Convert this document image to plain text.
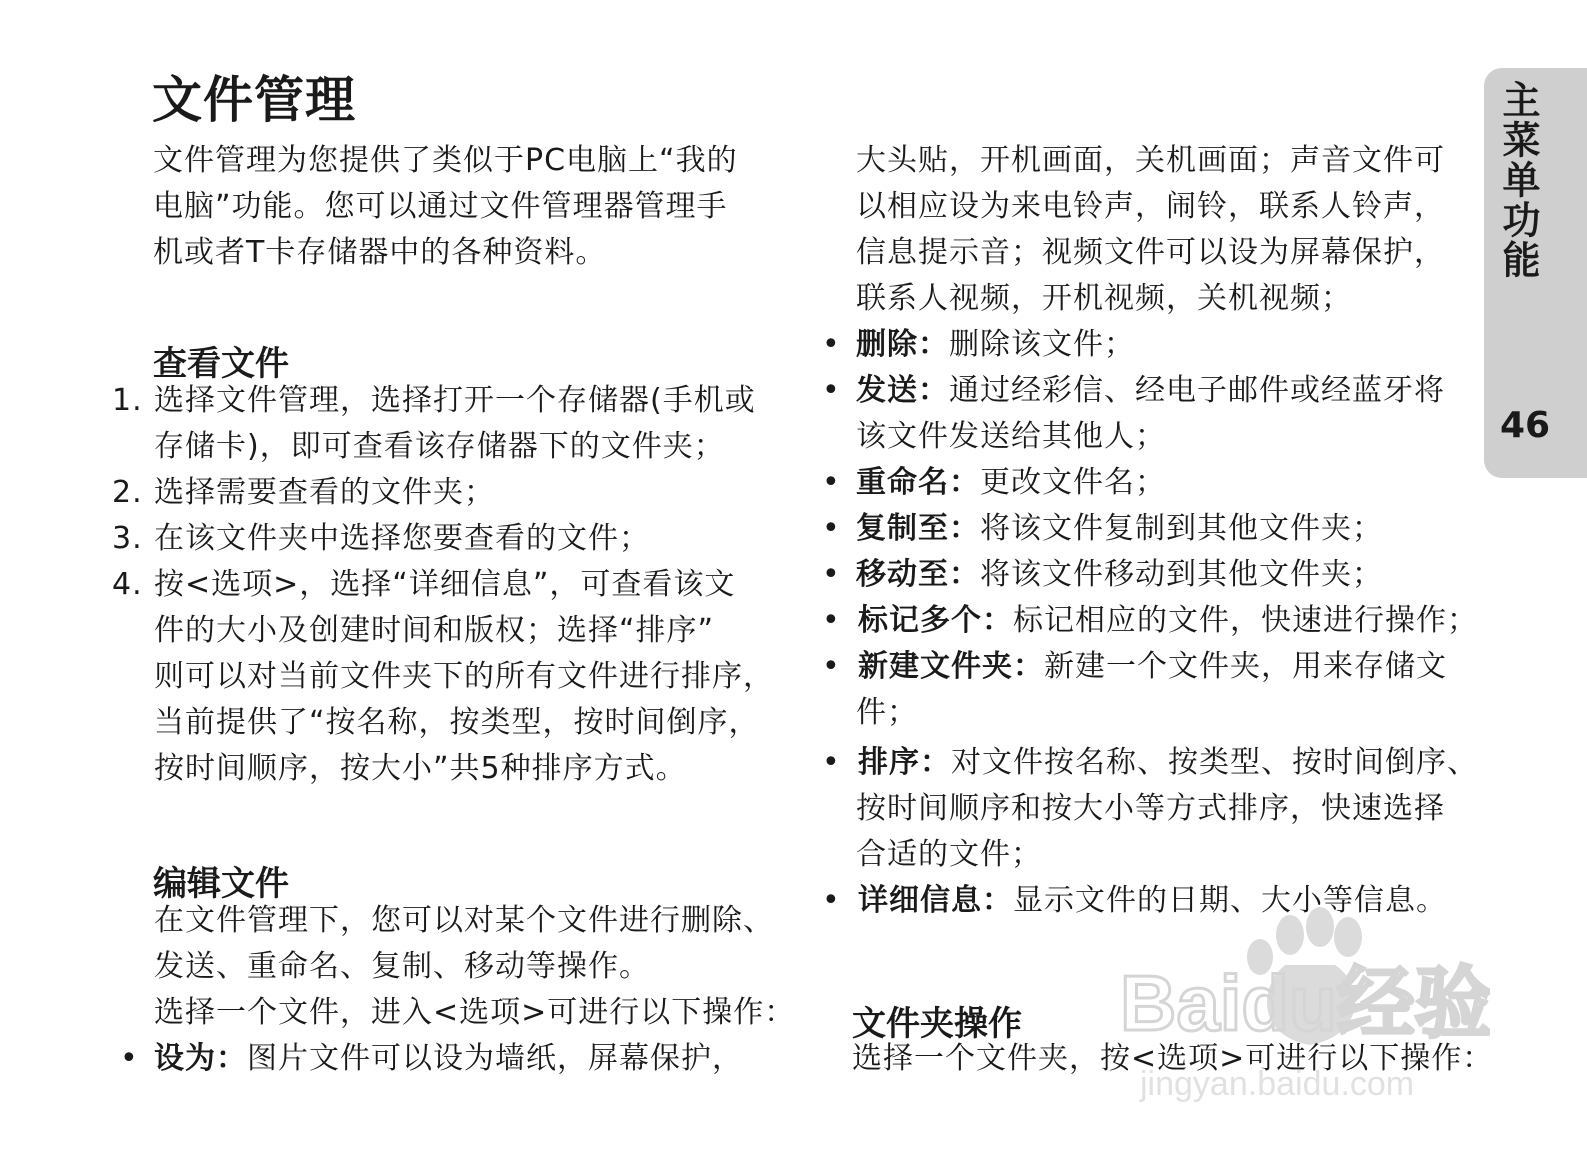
文件管理
文件管理为您提供了类似于PC电脑上“我的
电脑”功能。您可以通过文件管理器管理手
机或者T卡存储器中的各种资料。
查看文件
1. 选择文件管理，选择打开一个存储器(手机或
存储卡)，即可查看该存储器下的文件夹；
2. 选择需要查看的文件夹；
3. 在该文件夹中选择您要查看的文件；
4. 按<选项>，选择“详细信息”，可查看该文
件的大小及创建时间和版权；选择“排序”
则可以对当前文件夹下的所有文件进行排序，
当前提供了“按名称，按类型，按时间倒序，
按时间顺序，按大小”共5种排序方式。
编辑文件
在文件管理下，您可以对某个文件进行删除、
发送、重命名、复制、移动等操作。
选择一个文件，进入<选项>可进行以下操作：
• 设为：图片文件可以设为墙纸，屏幕保护，
大头贴，开机画面，关机画面；声音文件可
以相应设为来电铃声，闹铃，联系人铃声，
信息提示音；视频文件可以设为屏幕保护，
联系人视频，开机视频，关机视频；
• 删除：删除该文件；
• 发送：通过经彩信、经电子邮件或经蓝牙将
该文件发送给其他人；
• 重命名：更改文件名；
• 复制至：将该文件复制到其他文件夹；
• 移动至：将该文件移动到其他文件夹；
• 标记多个：标记相应的文件，快速进行操作；
• 新建文件夹：新建一个文件夹，用来存储文
件；
• 排序：对文件按名称、按类型、按时间倒序、
按时间顺序和按大小等方式排序，快速选择
合适的文件；
• 详细信息：显示文件的日期、大小等信息。
文件夹操作
选择一个文件夹，按<选项>可进行以下操作：
主菜单功能
46
Baidu经验
jingyan.baidu.com
